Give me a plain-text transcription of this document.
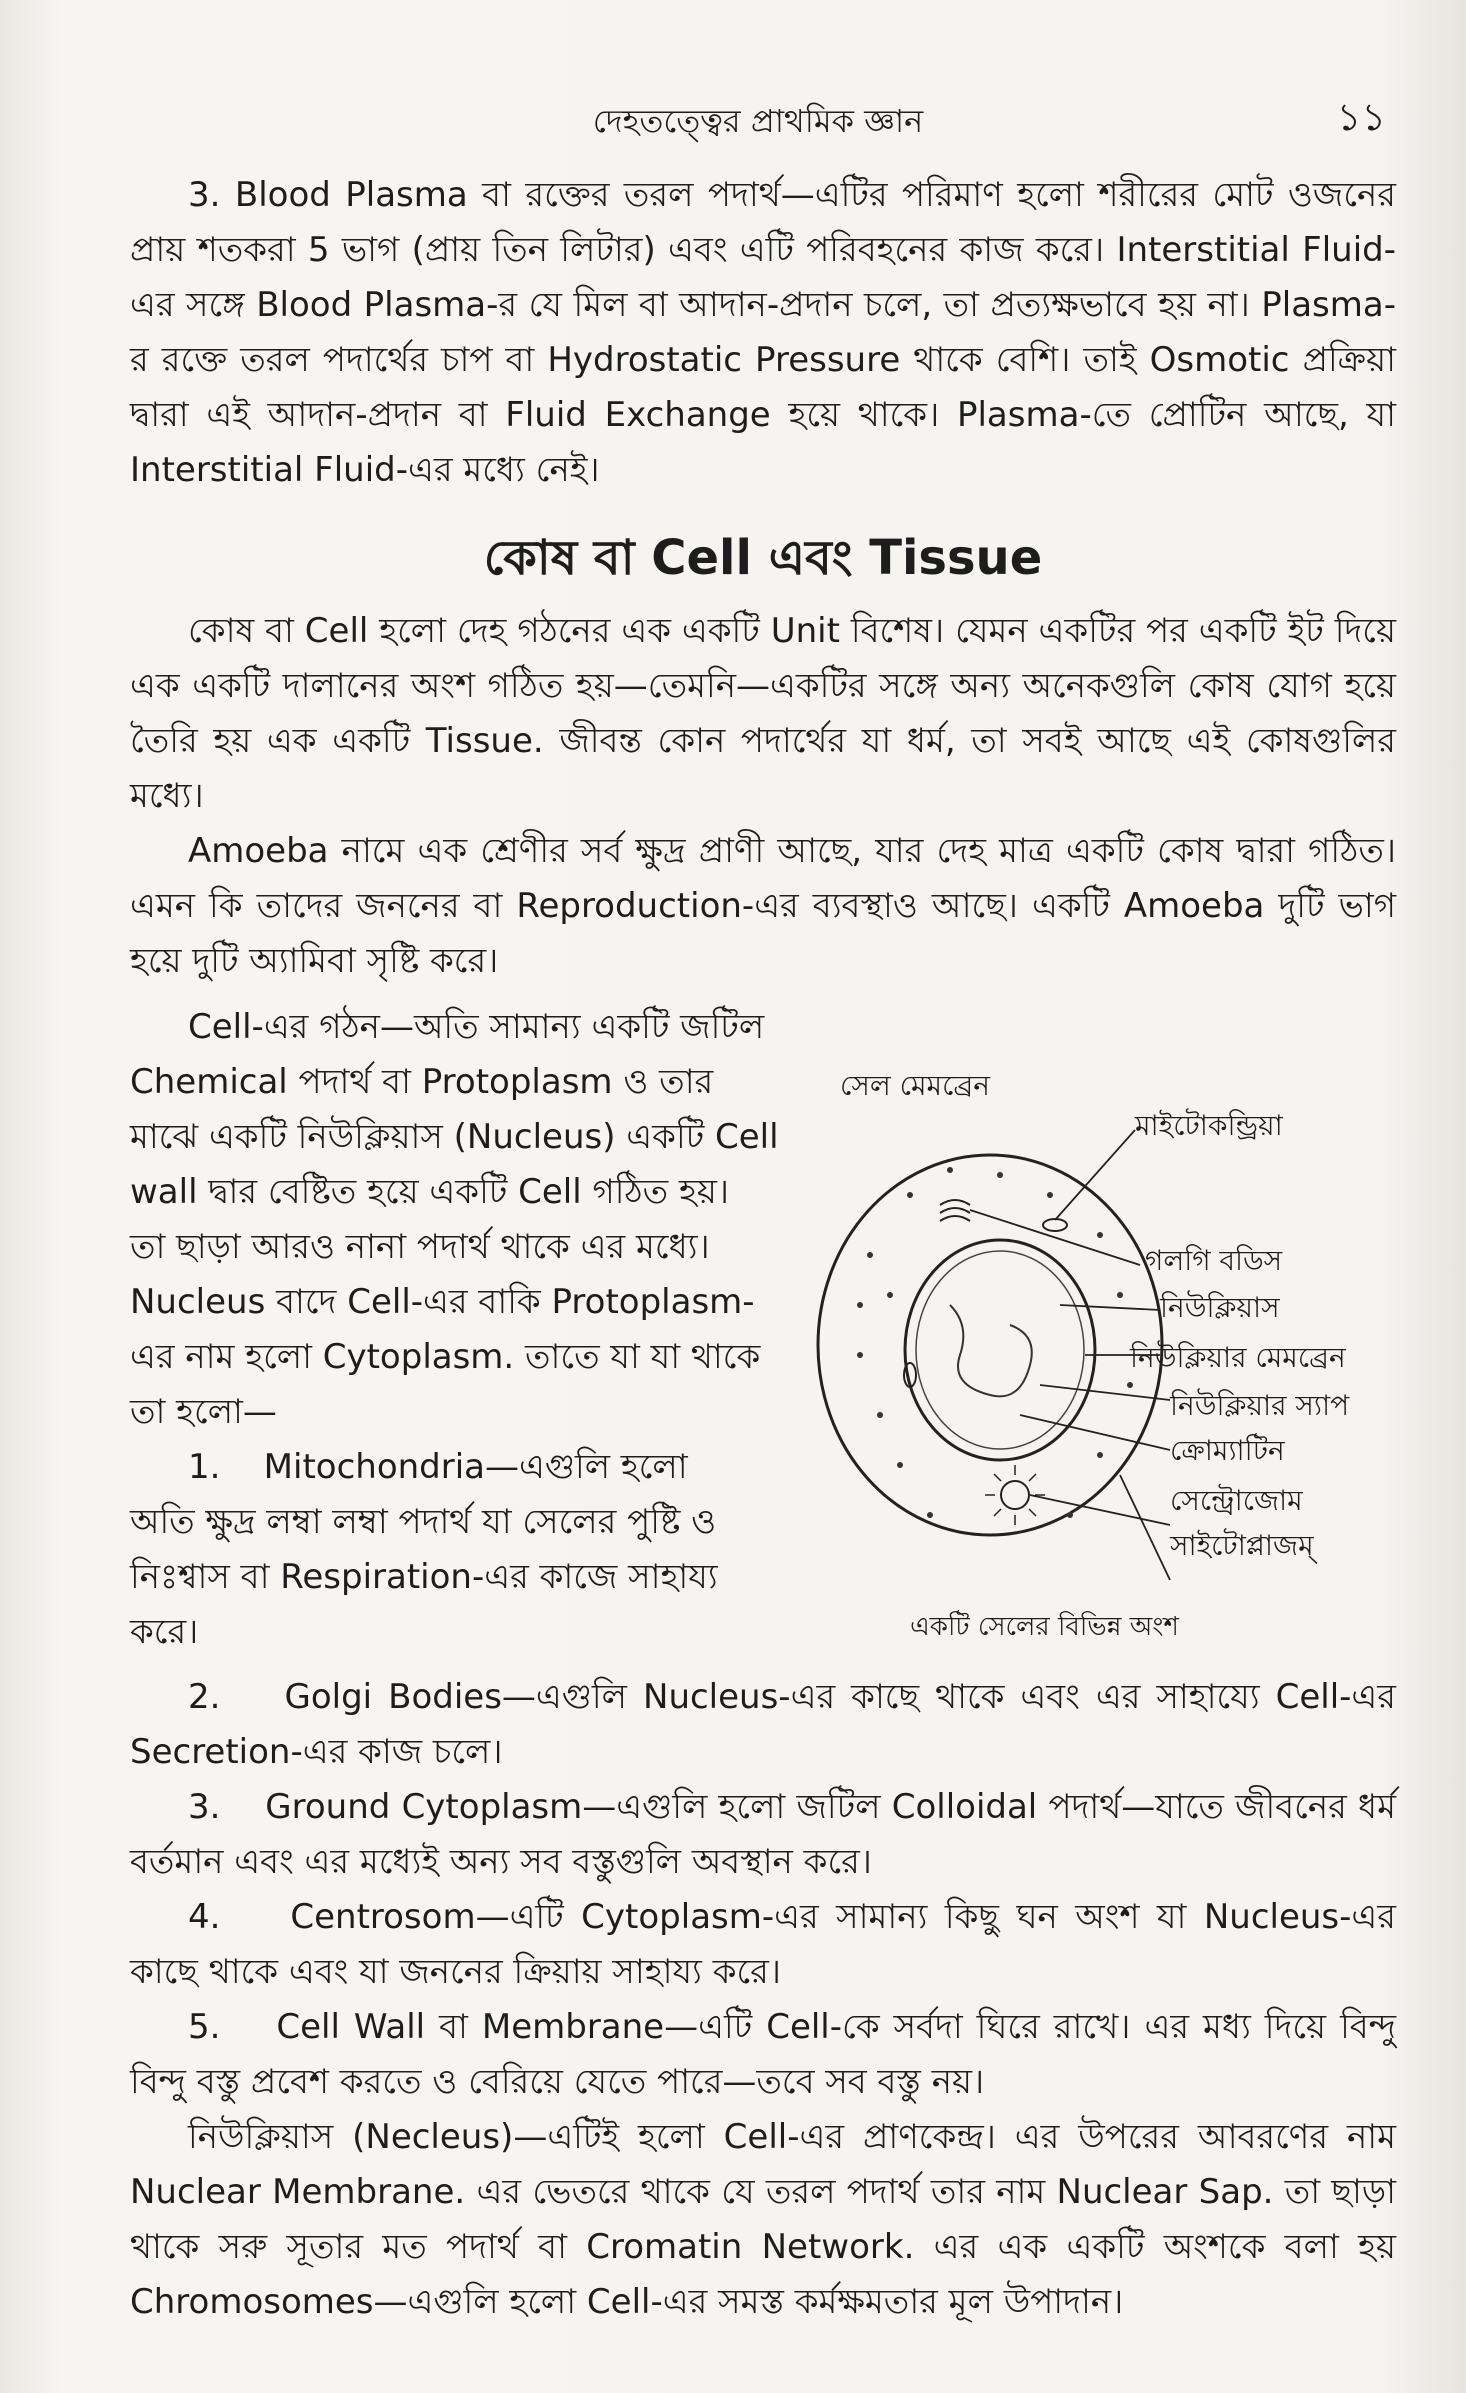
দেহতত্ত্বের প্রাথমিক জ্ঞান	১১

3. Blood Plasma বা রক্তের তরল পদার্থ—এটির পরিমাণ হলো শরীরের মোট ওজনের প্রায় শতকরা 5 ভাগ (প্রায় তিন লিটার) এবং এটি পরিবহনের কাজ করে। Interstitial Fluid-এর সঙ্গে Blood Plasma-র যে মিল বা আদান-প্রদান চলে, তা প্রত্যক্ষভাবে হয় না। Plasma-র রক্তে তরল পদার্থের চাপ বা Hydrostatic Pressure থাকে বেশি। তাই Osmotic প্রক্রিয়া দ্বারা এই আদান-প্রদান বা Fluid Exchange হয়ে থাকে। Plasma-তে প্রোটিন আছে, যা Interstitial Fluid-এর মধ্যে নেই।

কোষ বা Cell এবং Tissue

কোষ বা Cell হলো দেহ গঠনের এক একটি Unit বিশেষ। যেমন একটির পর একটি ইট দিয়ে এক একটি দালানের অংশ গঠিত হয়—তেমনি—একটির সঙ্গে অন্য অনেকগুলি কোষ যোগ হয়ে তৈরি হয় এক একটি Tissue. জীবন্ত কোন পদার্থের যা ধর্ম, তা সবই আছে এই কোষগুলির মধ্যে।

Amoeba নামে এক শ্রেণীর সর্ব ক্ষুদ্র প্রাণী আছে, যার দেহ মাত্র একটি কোষ দ্বারা গঠিত। এমন কি তাদের জননের বা Reproduction-এর ব্যবস্থাও আছে। একটি Amoeba দুটি ভাগ হয়ে দুটি অ্যামিবা সৃষ্টি করে।

Cell-এর গঠন—অতি সামান্য একটি জটিল
Chemical পদার্থ বা Protoplasm ও তার
মাঝে একটি নিউক্লিয়াস (Nucleus) একটি Cell
wall দ্বার বেষ্টিত হয়ে একটি Cell গঠিত হয়।
তা ছাড়া আরও নানা পদার্থ থাকে এর মধ্যে।
Nucleus বাদে Cell-এর বাকি Protoplasm-
এর নাম হলো Cytoplasm. তাতে যা যা থাকে
তা হলো—
1.    Mitochondria—এগুলি হলো
অতি ক্ষুদ্র লম্বা লম্বা পদার্থ যা সেলের পুষ্টি ও
নিঃশ্বাস বা Respiration-এর কাজে সাহায্য
করে।
সেল মেমব্রেন
মাইটোকন্ড্রিয়া
গলগি বডিস
নিউক্লিয়াস
নিউক্লিয়ার মেমব্রেন
নিউক্লিয়ার স্যাপ
ক্রোম্যাটিন
সেন্ট্রোজোম
সাইটোপ্লাজম্
একটি সেলের বিভিন্ন অংশ

2.    Golgi Bodies—এগুলি Nucleus-এর কাছে থাকে এবং এর সাহায্যে Cell-এর Secretion-এর কাজ চলে।

3.    Ground Cytoplasm—এগুলি হলো জটিল Colloidal পদার্থ—যাতে জীবনের ধর্ম বর্তমান এবং এর মধ্যেই অন্য সব বস্তুগুলি অবস্থান করে।

4.    Centrosom—এটি Cytoplasm-এর সামান্য কিছু ঘন অংশ যা Nucleus-এর কাছে থাকে এবং যা জননের ক্রিয়ায় সাহায্য করে।

5.    Cell Wall বা Membrane—এটি Cell-কে সর্বদা ঘিরে রাখে। এর মধ্য দিয়ে বিন্দু বিন্দু বস্তু প্রবেশ করতে ও বেরিয়ে যেতে পারে—তবে সব বস্তু নয়।

নিউক্লিয়াস (Necleus)—এটিই হলো Cell-এর প্রাণকেন্দ্র। এর উপরের আবরণের নাম Nuclear Membrane. এর ভেতরে থাকে যে তরল পদার্থ তার নাম Nuclear Sap. তা ছাড়া থাকে সরু সূতার মত পদার্থ বা Cromatin Network. এর এক একটি অংশকে বলা হয় Chromosomes—এগুলি হলো Cell-এর সমস্ত কর্মক্ষমতার মূল উপাদান।
